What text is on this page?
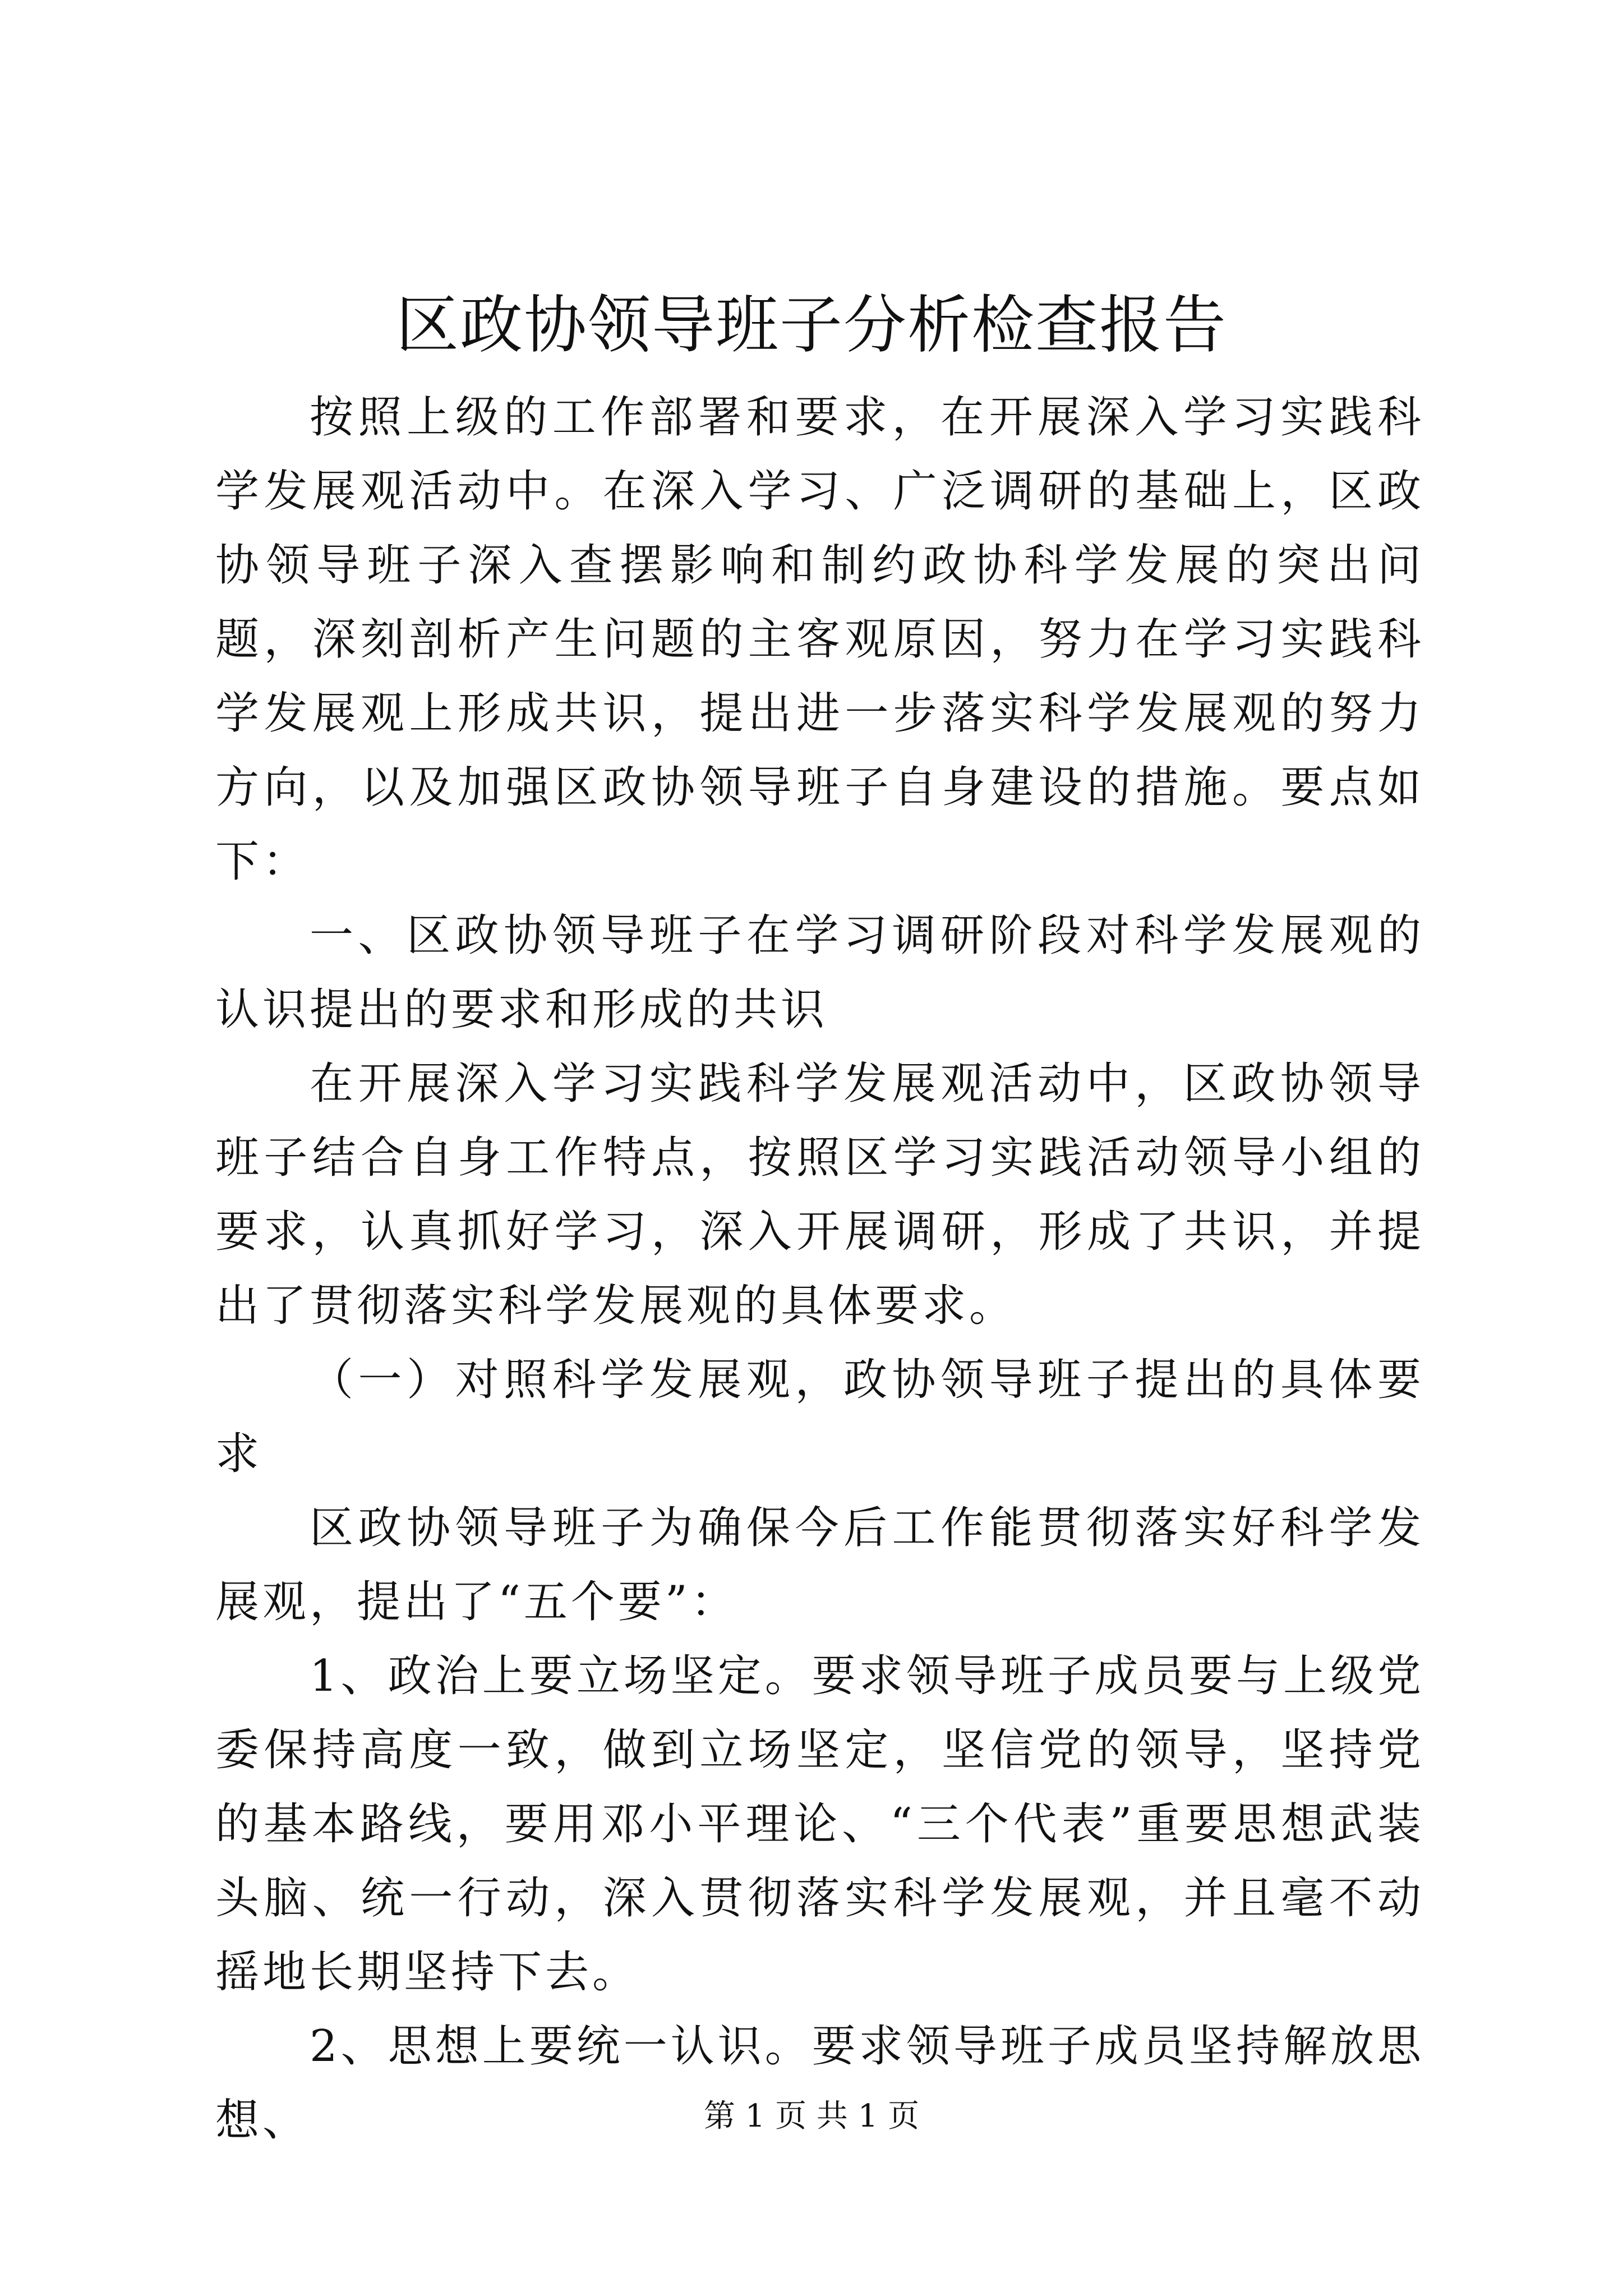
区政协领导班子分析检查报告

按照上级的工作部署和要求，在开展深入学习实践科学发展观活动中。在深入学习、广泛调研的基础上，区政协领导班子深入查摆影响和制约政协科学发展的突出问题，深刻剖析产生问题的主客观原因，努力在学习实践科学发展观上形成共识，提出进一步落实科学发展观的努力方向，以及加强区政协领导班子自身建设的措施。要点如下：

一、区政协领导班子在学习调研阶段对科学发展观的认识提出的要求和形成的共识

在开展深入学习实践科学发展观活动中，区政协领导班子结合自身工作特点，按照区学习实践活动领导小组的要求，认真抓好学习，深入开展调研，形成了共识，并提出了贯彻落实科学发展观的具体要求。

（一）对照科学发展观，政协领导班子提出的具体要求

区政协领导班子为确保今后工作能贯彻落实好科学发展观，提出了“五个要”：

1、政治上要立场坚定。要求领导班子成员要与上级党委保持高度一致，做到立场坚定，坚信党的领导，坚持党的基本路线，要用邓小平理论、“三个代表”重要思想武装头脑、统一行动，深入贯彻落实科学发展观，并且毫不动摇地长期坚持下去。

2、思想上要统一认识。要求领导班子成员坚持解放思想、	第 1 页 共 1 页
